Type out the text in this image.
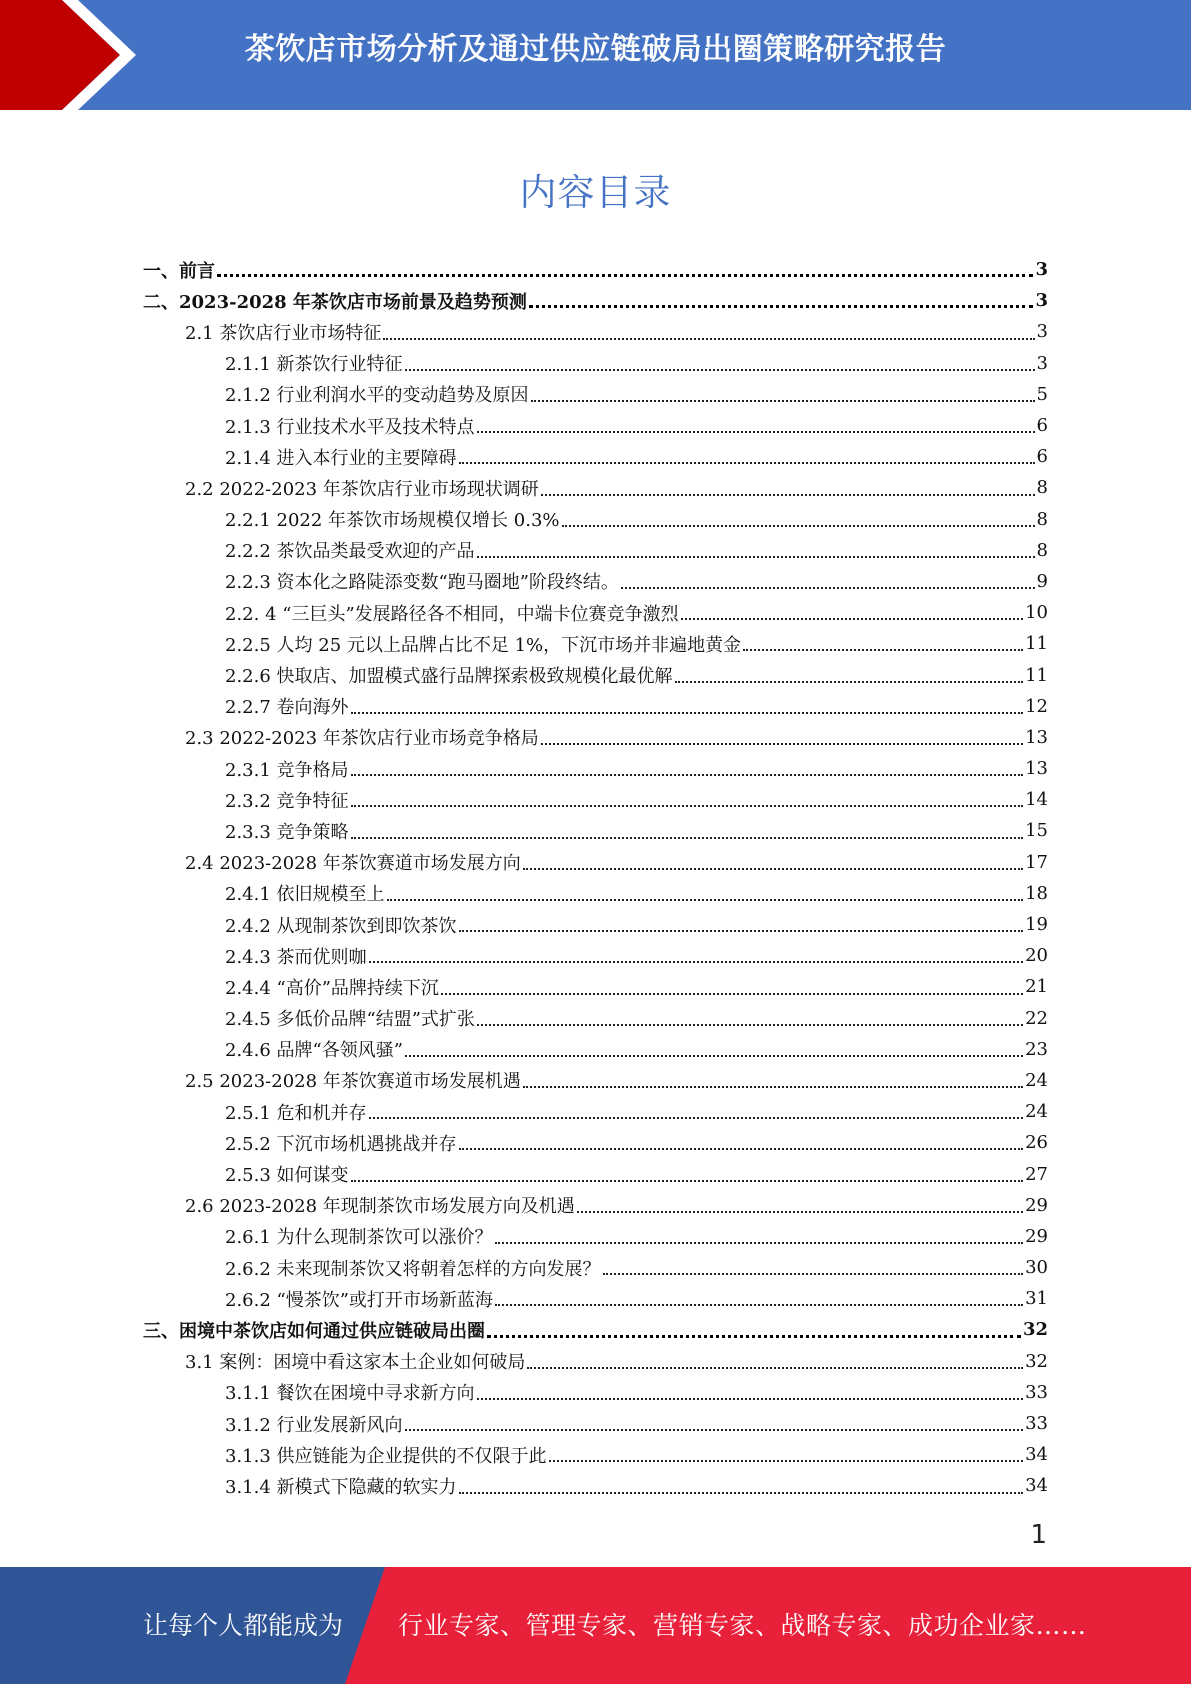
茶饮店市场分析及通过供应链破局出圈策略研究报告
内容目录
一、前言	3
二、2023-2028 年茶饮店市场前景及趋势预测	3
2.1 茶饮店行业市场特征	3
2.1.1 新茶饮行业特征	3
2.1.2 行业利润水平的变动趋势及原因	5
2.1.3 行业技术水平及技术特点	6
2.1.4 进入本行业的主要障碍	6
2.2 2022-2023 年茶饮店行业市场现状调研	8
2.2.1 2022 年茶饮市场规模仅增长 0.3%	8
2.2.2 茶饮品类最受欢迎的产品	8
2.2.3 资本化之路陡添变数“跑马圈地”阶段终结。	9
2.2. 4 “三巨头”发展路径各不相同，中端卡位赛竞争激烈	10
2.2.5 人均 25 元以上品牌占比不足 1%，下沉市场并非遍地黄金	11
2.2.6 快取店、加盟模式盛行品牌探索极致规模化最优解	11
2.2.7 卷向海外	12
2.3 2022-2023 年茶饮店行业市场竞争格局	13
2.3.1 竞争格局	13
2.3.2 竞争特征	14
2.3.3 竞争策略	15
2.4 2023-2028 年茶饮赛道市场发展方向	17
2.4.1 依旧规模至上	18
2.4.2 从现制茶饮到即饮茶饮	19
2.4.3 茶而优则咖	20
2.4.4 “高价”品牌持续下沉	21
2.4.5 多低价品牌“结盟”式扩张	22
2.4.6 品牌“各领风骚”	23
2.5 2023-2028 年茶饮赛道市场发展机遇	24
2.5.1 危和机并存	24
2.5.2 下沉市场机遇挑战并存	26
2.5.3 如何谋变	27
2.6 2023-2028 年现制茶饮市场发展方向及机遇	29
2.6.1 为什么现制茶饮可以涨价？	29
2.6.2 未来现制茶饮又将朝着怎样的方向发展？	30
2.6.2 “慢茶饮”或打开市场新蓝海	31
三、困境中茶饮店如何通过供应链破局出圈	32
3.1 案例：困境中看这家本土企业如何破局	32
3.1.1 餐饮在困境中寻求新方向	33
3.1.2 行业发展新风向	33
3.1.3 供应链能为企业提供的不仅限于此	34
3.1.4 新模式下隐藏的软实力	34
1
让每个人都能成为 行业专家、管理专家、营销专家、战略专家、成功企业家……
